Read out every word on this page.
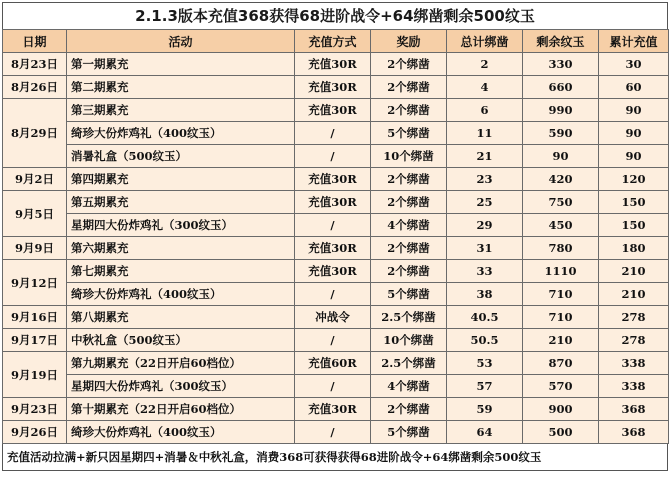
2.1.3版本充值368获得68进阶战令+64绑凿剩余500纹玉
日期	活动	充值方式	奖励	总计绑凿	剩余纹玉	累计充值
8月23日	第一期累充	充值30R	2个绑凿	2	330	30
8月26日	第二期累充	充值30R	2个绑凿	4	660	60
8月29日	第三期累充	充值30R	2个绑凿	6	990	90
	绮珍大份炸鸡礼（400纹玉）	/	5个绑凿	11	590	90
	消暑礼盒（500纹玉）	/	10个绑凿	21	90	90
9月2日	第四期累充	充值30R	2个绑凿	23	420	120
9月5日	第五期累充	充值30R	2个绑凿	25	750	150
	星期四大份炸鸡礼（300纹玉）	/	4个绑凿	29	450	150
9月9日	第六期累充	充值30R	2个绑凿	31	780	180
9月12日	第七期累充	充值30R	2个绑凿	33	1110	210
	绮珍大份炸鸡礼（400纹玉）	/	5个绑凿	38	710	210
9月16日	第八期累充	冲战令	2.5个绑凿	40.5	710	278
9月17日	中秋礼盒（500纹玉）	/	10个绑凿	50.5	210	278
9月19日	第九期累充（22日开启60档位）	充值60R	2.5个绑凿	53	870	338
	星期四大份炸鸡礼（300纹玉）	/	4个绑凿	57	570	338
9月23日	第十期累充（22日开启60档位）	充值30R	2个绑凿	59	900	368
9月26日	绮珍大份炸鸡礼（400纹玉）	/	5个绑凿	64	500	368
充值活动拉满+新只因星期四+消暑＆中秋礼盒，消费368可获得获得68进阶战令+64绑凿剩余500纹玉
